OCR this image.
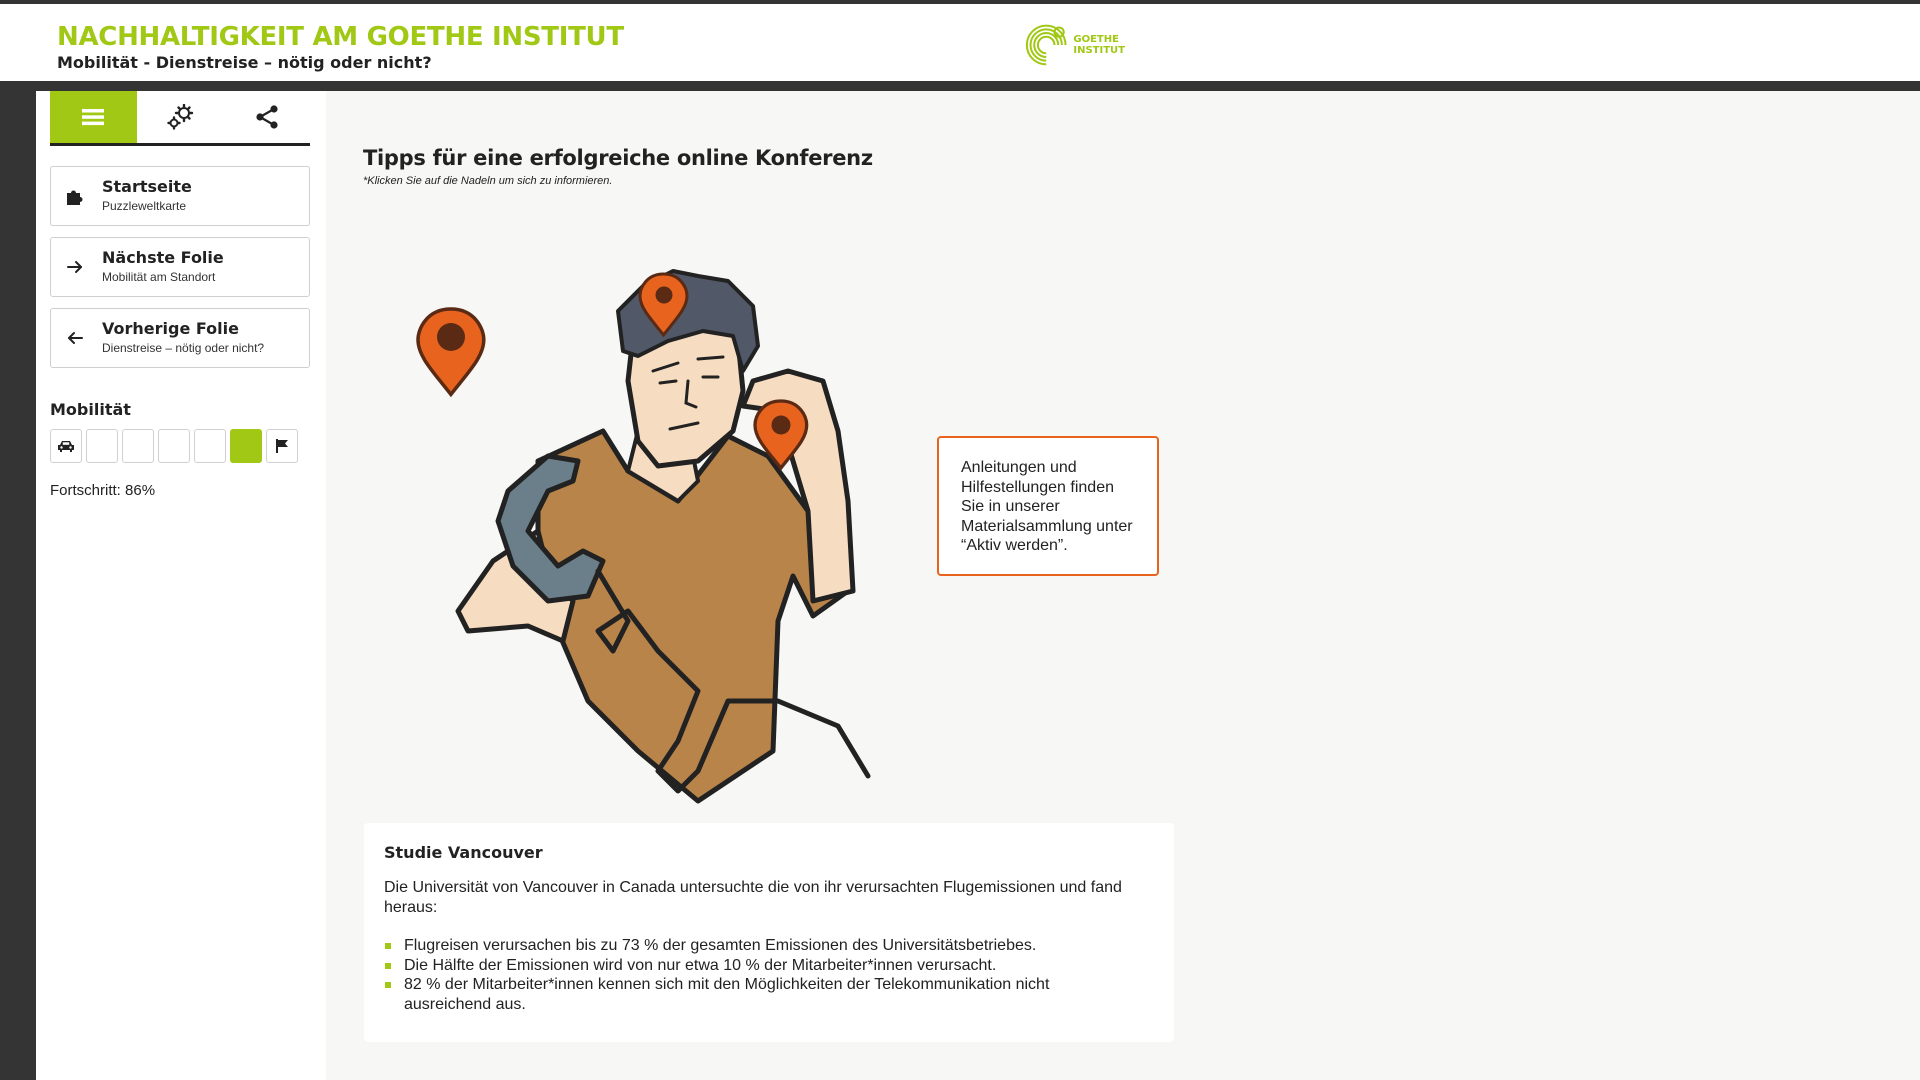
NACHHALTIGKEIT AM GOETHE INSTITUT
Mobilität - Dienstreise – nötig oder nicht?
GOETHE
INSTITUT
Startseite
Puzzleweltkarte
Nächste Folie
Mobilität am Standort
Vorherige Folie
Dienstreise – nötig oder nicht?
Mobilität
Fortschritt: 86%
Tipps für eine erfolgreiche online Konferenz
*Klicken Sie auf die Nadeln um sich zu informieren.
Anleitungen und Hilfestellungen finden Sie in unserer Materialsammlung unter “Aktiv werden”.
Studie Vancouver

Die Universität von Vancouver in Canada untersuchte die von ihr verursachten Flugemissionen und fand heraus:

Flugreisen verursachen bis zu 73 % der gesamten Emissionen des Universitätsbetriebes.
Die Hälfte der Emissionen wird von nur etwa 10 % der Mitarbeiter*innen verursacht.
82 % der Mitarbeiter*innen kennen sich mit den Möglichkeiten der Telekommunikation nicht ausreichend aus.
